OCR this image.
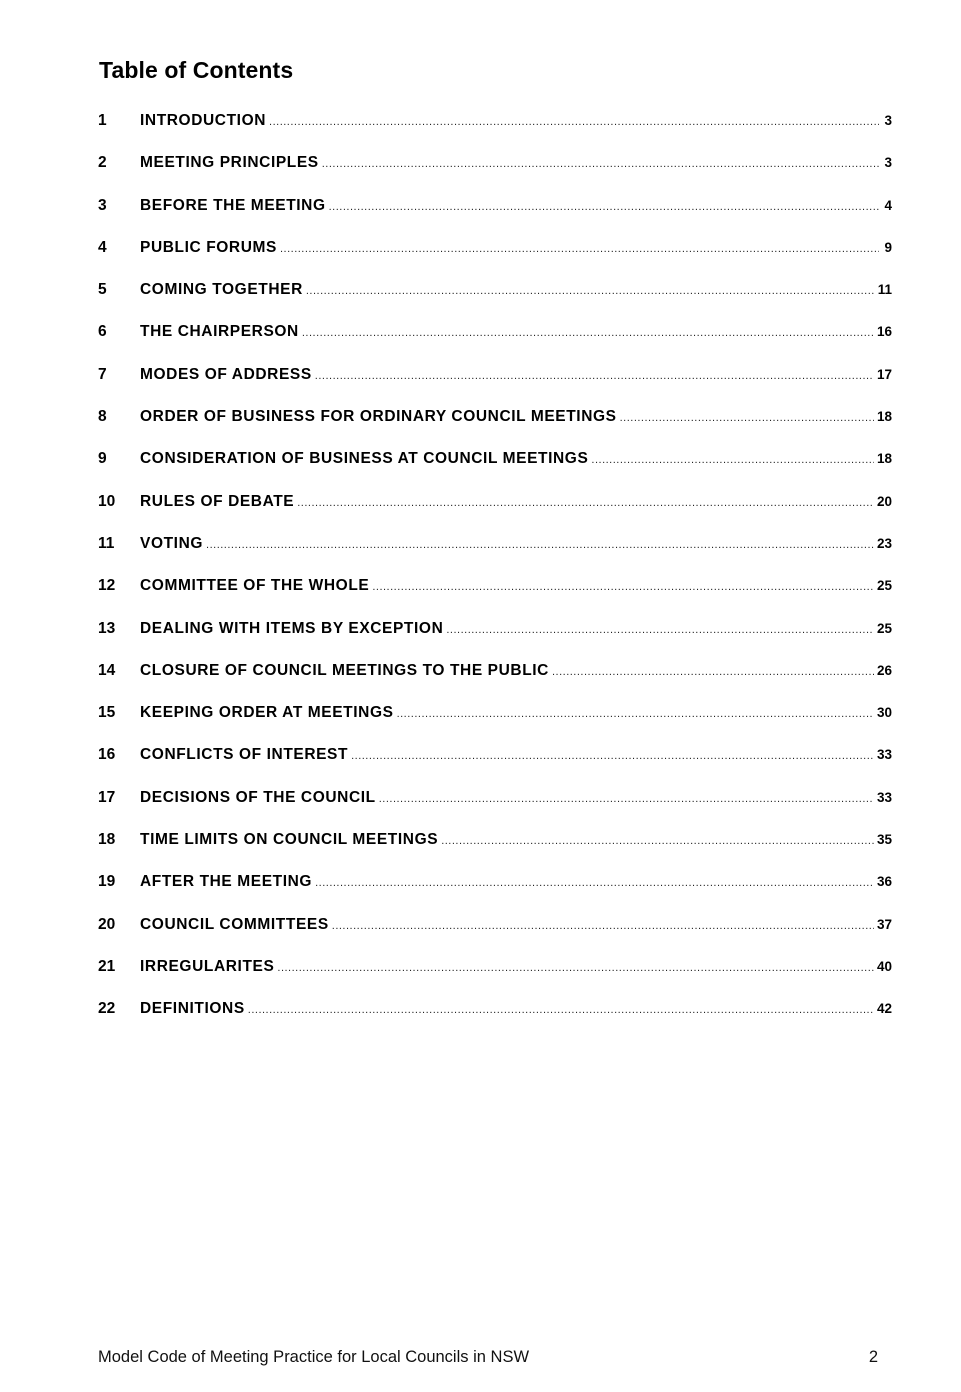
Table of Contents
1	INTRODUCTION .....	3
2	MEETING PRINCIPLES .....	3
3	BEFORE THE MEETING .....	4
4	PUBLIC FORUMS .....	9
5	COMING TOGETHER .....	11
6	THE CHAIRPERSON .....	16
7	MODES OF ADDRESS .....	17
8	ORDER OF BUSINESS FOR ORDINARY COUNCIL MEETINGS .....	18
9	CONSIDERATION OF BUSINESS AT COUNCIL MEETINGS .....	18
10	RULES OF DEBATE .....	20
11	VOTING .....	23
12	COMMITTEE OF THE WHOLE .....	25
13	DEALING WITH ITEMS BY EXCEPTION .....	25
14	CLOSURE OF COUNCIL MEETINGS TO THE PUBLIC .....	26
15	KEEPING ORDER AT MEETINGS .....	30
16	CONFLICTS OF INTEREST .....	33
17	DECISIONS OF THE COUNCIL .....	33
18	TIME LIMITS ON COUNCIL MEETINGS .....	35
19	AFTER THE MEETING .....	36
20	COUNCIL COMMITTEES .....	37
21	IRREGULARITES .....	40
22	DEFINITIONS .....	42
Model Code of Meeting Practice for Local Councils in NSW	2
